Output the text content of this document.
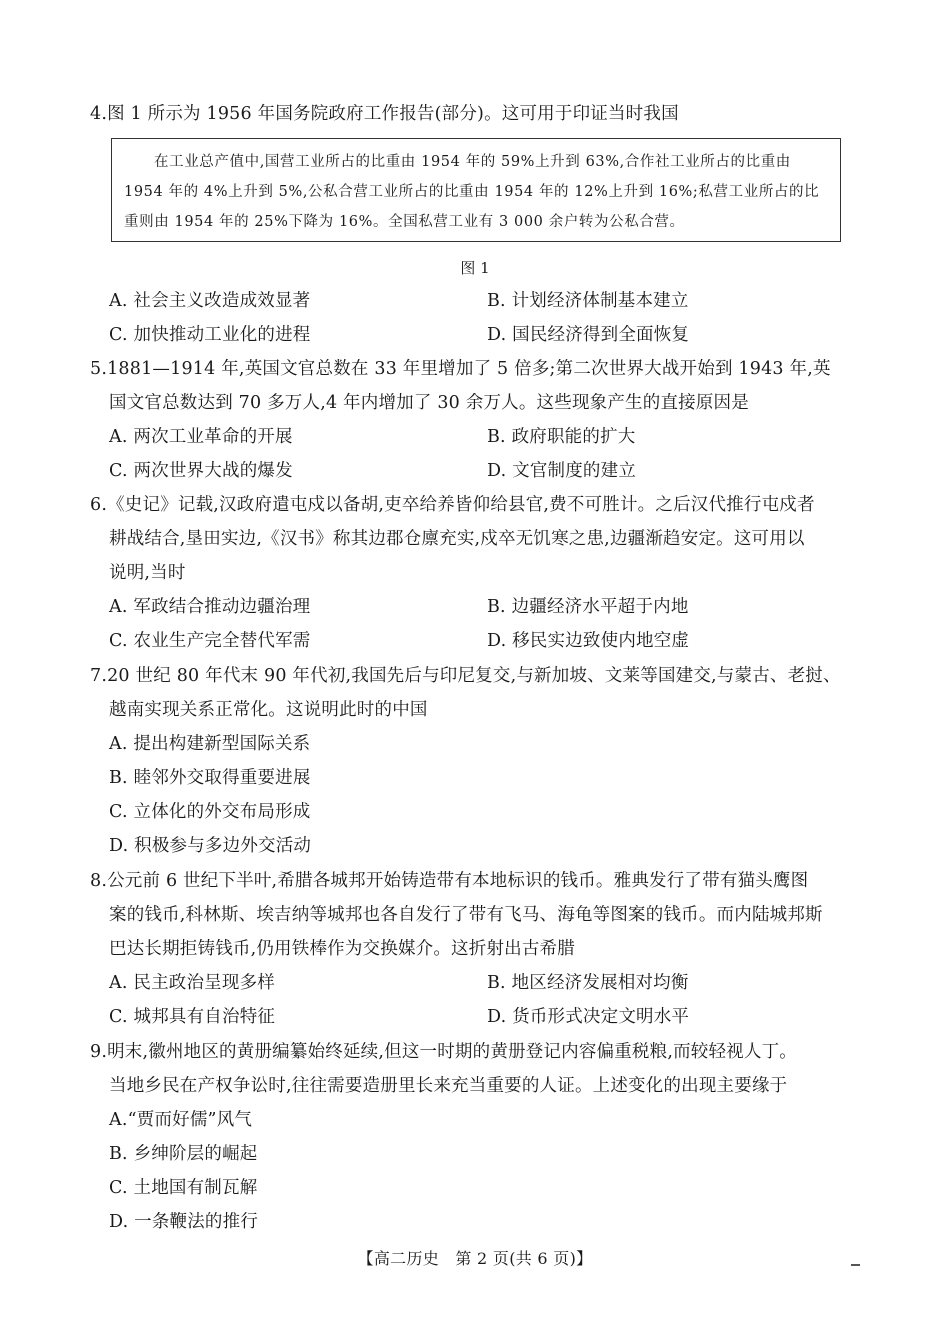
4.图 1 所示为 1956 年国务院政府工作报告(部分)。这可用于印证当时我国
在工业总产值中,国营工业所占的比重由 1954 年的 59%上升到 63%,合作社工业所占的比重由 1954 年的 4%上升到 5%,公私合营工业所占的比重由 1954 年的 12%上升到 16%;私营工业所占的比重则由 1954 年的 25%下降为 16%。全国私营工业有 3 000 余户转为公私合营。
图 1
A. 社会主义改造成效显著	B. 计划经济体制基本建立
C. 加快推动工业化的进程	D. 国民经济得到全面恢复
5.1881—1914 年,英国文官总数在 33 年里增加了 5 倍多;第二次世界大战开始到 1943 年,英
国文官总数达到 70 多万人,4 年内增加了 30 余万人。这些现象产生的直接原因是
A. 两次工业革命的开展	B. 政府职能的扩大
C. 两次世界大战的爆发	D. 文官制度的建立
6.《史记》记载,汉政府遣屯戍以备胡,吏卒给养皆仰给县官,费不可胜计。之后汉代推行屯戍者
耕战结合,垦田实边,《汉书》称其边郡仓廪充实,戍卒无饥寒之患,边疆渐趋安定。这可用以
说明,当时
A. 军政结合推动边疆治理	B. 边疆经济水平超于内地
C. 农业生产完全替代军需	D. 移民实边致使内地空虚
7.20 世纪 80 年代末 90 年代初,我国先后与印尼复交,与新加坡、文莱等国建交,与蒙古、老挝、
越南实现关系正常化。这说明此时的中国
A. 提出构建新型国际关系
B. 睦邻外交取得重要进展
C. 立体化的外交布局形成
D. 积极参与多边外交活动
8.公元前 6 世纪下半叶,希腊各城邦开始铸造带有本地标识的钱币。雅典发行了带有猫头鹰图
案的钱币,科林斯、埃吉纳等城邦也各自发行了带有飞马、海龟等图案的钱币。而内陆城邦斯
巴达长期拒铸钱币,仍用铁棒作为交换媒介。这折射出古希腊
A. 民主政治呈现多样	B. 地区经济发展相对均衡
C. 城邦具有自治特征	D. 货币形式决定文明水平
9.明末,徽州地区的黄册编纂始终延续,但这一时期的黄册登记内容偏重税粮,而较轻视人丁。
当地乡民在产权争讼时,往往需要造册里长来充当重要的人证。上述变化的出现主要缘于
A.“贾而好儒”风气
B. 乡绅阶层的崛起
C. 土地国有制瓦解
D. 一条鞭法的推行
【高二历史　第 2 页(共 6 页)】
